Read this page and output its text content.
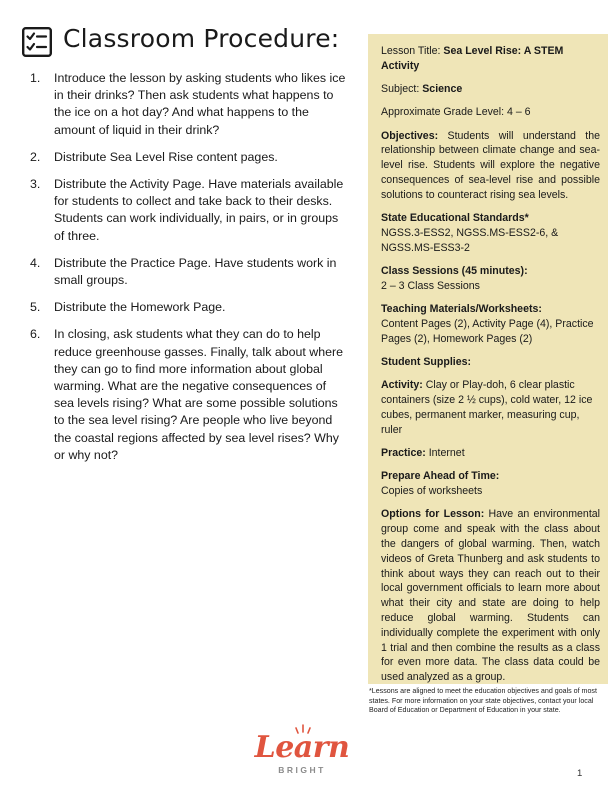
Classroom Procedure:
1. Introduce the lesson by asking students who likes ice in their drinks? Then ask students what happens to the ice on a hot day? And what happens to the amount of liquid in their drink?
2. Distribute Sea Level Rise content pages.
3. Distribute the Activity Page. Have materials available for students to collect and take back to their desks. Students can work individually, in pairs, or in groups of three.
4. Distribute the Practice Page. Have students work in small groups.
5. Distribute the Homework Page.
6. In closing, ask students what they can do to help reduce greenhouse gasses. Finally, talk about where they can go to find more information about global warming. What are the negative consequences of sea levels rising? What are some possible solutions to the sea level rising? Are people who live beyond the coastal regions affected by sea level rises? Why or why not?

Lesson Title: Sea Level Rise: A STEM Activity

Subject: Science

Approximate Grade Level: 4 – 6

Objectives: Students will understand the relationship between climate change and sea-level rise. Students will explore the negative consequences of sea-level rise and possible solutions to counteract rising sea levels.

State Educational Standards*
NGSS.3-ESS2, NGSS.MS-ESS2-6, & NGSS.MS-ESS3-2

Class Sessions (45 minutes):
2 – 3 Class Sessions

Teaching Materials/Worksheets:
Content Pages (2), Activity Page (4), Practice Pages (2), Homework Pages (2)

Student Supplies:

Activity: Clay or Play-doh, 6 clear plastic containers (size 2 ½ cups), cold water, 12 ice cubes, permanent marker, measuring cup, ruler

Practice: Internet

Prepare Ahead of Time:
Copies of worksheets

Options for Lesson: Have an environmental group come and speak with the class about the dangers of global warming. Then, watch videos of Greta Thunberg and ask students to think about ways they can reach out to their local government officials to learn more about what their city and state are doing to help reduce global warming. Students can individually complete the experiment with only 1 trial and then combine the results as a class for even more data. The class data could be used analyzed as a group.

*Lessons are aligned to meet the education objectives and goals of most states. For more information on your state objectives, contact your local Board of Education or Department of Education in your state.
Learn
BRIGHT	1
